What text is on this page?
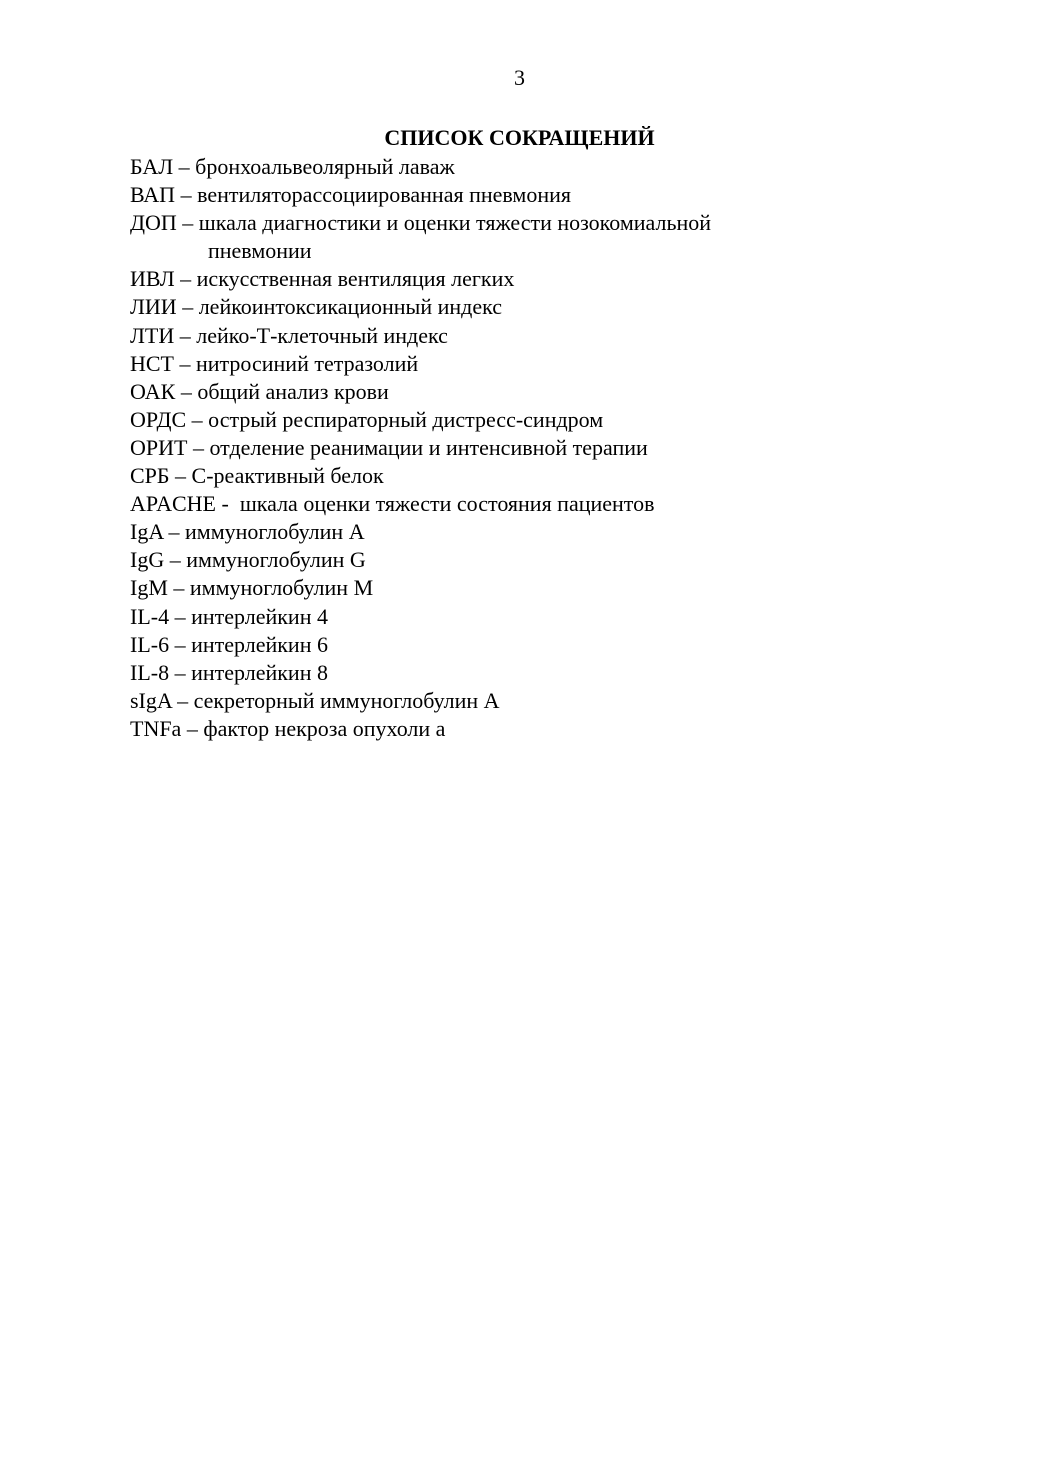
3
СПИСОК СОКРАЩЕНИЙ
БАЛ – бронхоальвеолярный лаваж
ВАП – вентиляторассоциированная пневмония
ДОП – шкала диагностики и оценки тяжести нозокомиальной
пневмонии
ИВЛ – искусственная вентиляция легких
ЛИИ – лейкоинтоксикационный индекс
ЛТИ – лейко-Т-клеточный индекс
НСТ – нитросиний тетразолий
ОАК – общий анализ крови
ОРДС – острый респираторный дистресс-синдром
ОРИТ – отделение реанимации и интенсивной терапии
СРБ – С-реактивный белок
APACHE -  шкала оценки тяжести состояния пациентов
IgA – иммуноглобулин А
IgG – иммуноглобулин G
IgM – иммуноглобулин М
IL-4 – интерлейкин 4
IL-6 – интерлейкин 6
IL-8 – интерлейкин 8
sIgA – секреторный иммуноглобулин А
TNFa – фактор некроза опухоли a
